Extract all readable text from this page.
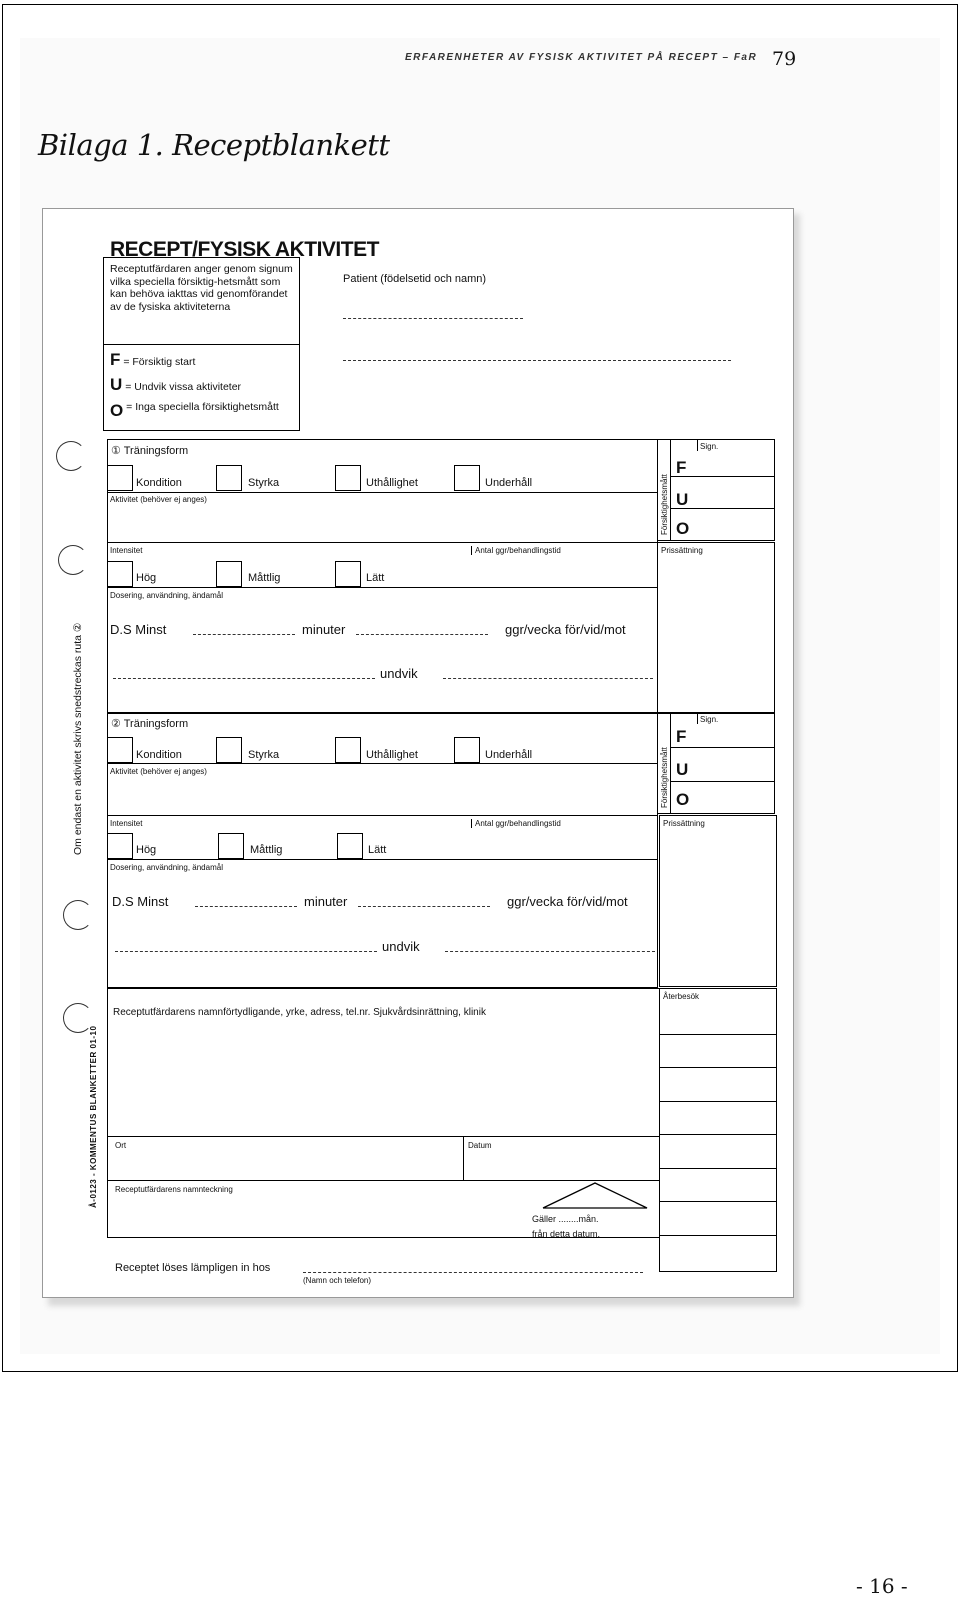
ERFARENHETER AV FYSISK AKTIVITET PÅ RECEPT – FaR 79
Bilaga 1. Receptblankett
Om endast en aktivitet skrivs snedstreckas ruta ②
Å-0123 - KOMMENTUS BLANKETTER 01-10
RECEPT/FYSISK AKTIVITET
Receptutfärdaren anger genom signum vilka speciella försiktig-hetsmått som kan behöva iakttas vid genomförandet av de fysiska aktiviteterna
F = Försiktig start
U = Undvik vissa aktiviteter
O
= Inga speciella försiktighetsmått
Patient (födelsetid och namn)
① Träningsform
Kondition	Styrka	Uthållighet	Underhåll
Aktivitet (behöver ej anges)
Intensitet	Antal ggr/behandlingstid
Hög	Måttlig	Lätt
Dosering, användning, ändamål
D.S Minst	minuter	ggr/vecka för/vid/mot
undvik
Försiktighetsmått
Sign.
F
U
O
Prissättning
② Träningsform
Kondition	Styrka	Uthållighet	Underhåll
Aktivitet (behöver ej anges)
Intensitet	Antal ggr/behandlingstid
Hög	Måttlig	Lätt
Dosering, användning, ändamål
D.S Minst	minuter	ggr/vecka för/vid/mot
undvik
Försiktighetsmått
Sign.
F
U
O
Prissättning
Receptutfärdarens namnförtydligande, yrke, adress, tel.nr. Sjukvårdsinrättning, klinik
Ort	Datum
Receptutfärdarens namnteckning
Gäller ........mån.
från detta datum.
Återbesök
Receptet löses lämpligen in hos
(Namn och telefon)
- 16 -
